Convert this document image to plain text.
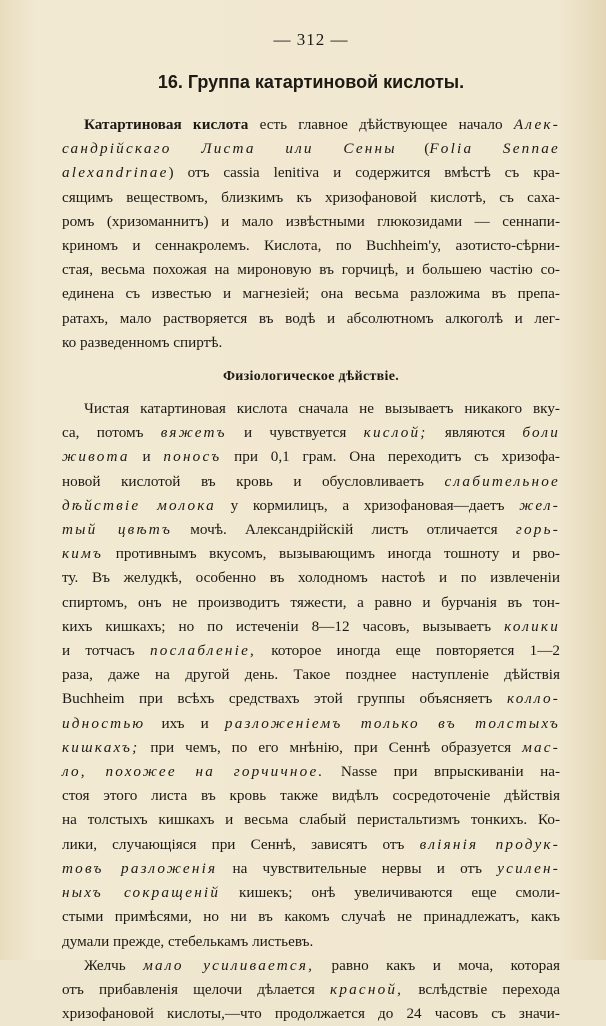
— 312 —
16. Группа катартиновой кислоты.
Катартиновая кислота есть главное дѣйствующее начало Алек-
сандрійскаго Листа или Сенны (Folia Sennae
alexandrinae) отъ cassia lenitiva и содержится вмѣстѣ съ кра-
сящимъ веществомъ, близкимъ къ хризофановой кислотѣ, съ саха-
ромъ (хризоманнитъ) и мало извѣстными глюкозидами — сеннапи-
криномъ и сеннакролемъ. Кислота, по Buchheim'у, азотисто-сѣрни-
стая, весьма похожая на мироновую въ горчицѣ, и большею частію со-
единена съ известью и магнезіей; она весьма разложима въ препа-
ратахъ, мало растворяется въ водѣ и абсолютномъ алкоголѣ и лег-
ко разведенномъ спиртѣ.
Физіологическое дѣйствіе.
Чистая катартиновая кислота сначала не вызываетъ никакого вку-
са, потомъ вяжетъ и чувствуется кислой; являются боли
живота и поносъ при 0,1 грам. Она переходитъ съ хризофа-
новой кислотой въ кровь и обусловливаетъ слабительное
дѣйствіе молока у кормилицъ, а хризофановая—даетъ жел-
тый цвѣтъ мочѣ. Александрійскій листъ отличается горь-
кимъ противнымъ вкусомъ, вызывающимъ иногда тошноту и рво-
ту. Въ желудкѣ, особенно въ холодномъ настоѣ и по извлеченіи
спиртомъ, онъ не производитъ тяжести, а равно и бурчанія въ тон-
кихъ кишкахъ; но по истеченіи 8—12 часовъ, вызываетъ колики
и тотчасъ послабленіе, которое иногда еще повторяется 1—2
раза, даже на другой день. Такое позднее наступленіе дѣйствія
Buchheim при всѣхъ средствахъ этой группы объясняетъ колло-
идностью ихъ и разложеніемъ только въ толстыхъ
кишкахъ; при чемъ, по его мнѣнію, при Сеннѣ образуется мас-
ло, похожее на горчичное. Nasse при впрыскиваніи на-
стоя этого листа въ кровь также видѣлъ сосредоточеніе дѣйствія
на толстыхъ кишкахъ и весьма слабый перистальтизмъ тонкихъ. Ко-
лики, случающіяся при Сеннѣ, зависятъ отъ вліянія продук-
товъ разложенія на чувствительные нервы и отъ усилен-
ныхъ сокращеній кишекъ; онѣ увеличиваются еще смоли-
стыми примѣсями, но ни въ какомъ случаѣ не принадлежатъ, какъ
думали прежде, стебелькамъ листьевъ.
Желчь мало усиливается, равно какъ и моча, которая
отъ прибавленія щелочи дѣлается красной, вслѣдствіе перехода
хризофановой кислоты,—что продолжается до 24 часовъ съ значи-
